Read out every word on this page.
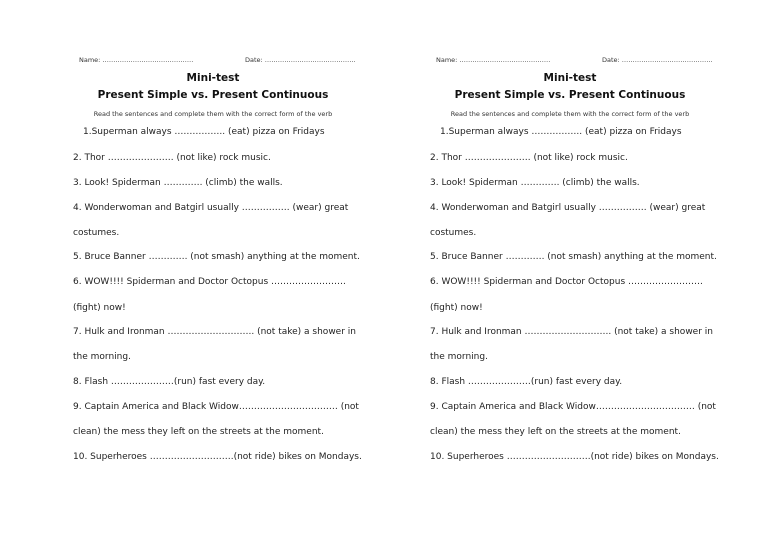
Name: ……………………………………	Date: ……………………………………
Mini-test
Present Simple vs. Present Continuous
Read the sentences and complete them with the correct form of the verb
1.Superman always …………….. (eat) pizza on Fridays
2. Thor …………………. (not like) rock music.
3. Look! Spiderman …………. (climb) the walls.
4. Wonderwoman and Batgirl usually ……………. (wear) great
costumes.
5. Bruce Banner …………. (not smash) anything at the moment.
6. WOW!!!! Spiderman and Doctor Octopus …………………….
(fight) now!
7. Hulk and Ironman ……………………….. (not take) a shower in
the morning.
8. Flash …………………(run) fast every day.
9. Captain America and Black Widow…………………………… (not
clean) the mess they left on the streets at the moment.
10. Superheroes ……………………….(not ride) bikes on Mondays.
Name: ……………………………………	Date: ……………………………………
Mini-test
Present Simple vs. Present Continuous
Read the sentences and complete them with the correct form of the verb
1.Superman always …………….. (eat) pizza on Fridays
2. Thor …………………. (not like) rock music.
3. Look! Spiderman …………. (climb) the walls.
4. Wonderwoman and Batgirl usually ……………. (wear) great
costumes.
5. Bruce Banner …………. (not smash) anything at the moment.
6. WOW!!!! Spiderman and Doctor Octopus …………………….
(fight) now!
7. Hulk and Ironman ……………………….. (not take) a shower in
the morning.
8. Flash …………………(run) fast every day.
9. Captain America and Black Widow…………………………… (not
clean) the mess they left on the streets at the moment.
10. Superheroes ……………………….(not ride) bikes on Mondays.
